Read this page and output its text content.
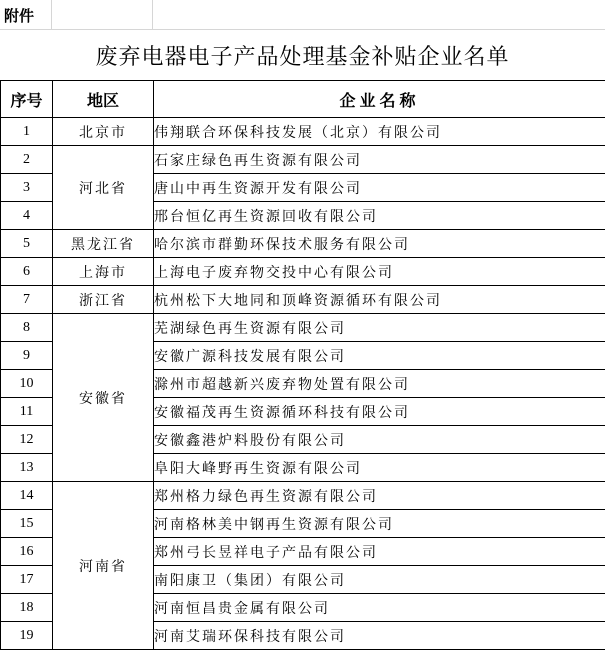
附件
废弃电器电子产品处理基金补贴企业名单
序号	地区	企业名称
1	北京市	伟翔联合环保科技发展（北京）有限公司
2	河北省	石家庄绿色再生资源有限公司
3		唐山中再生资源开发有限公司
4		邢台恒亿再生资源回收有限公司
5	黑龙江省	哈尔滨市群勤环保技术服务有限公司
6	上海市	上海电子废弃物交投中心有限公司
7	浙江省	杭州松下大地同和顶峰资源循环有限公司
8	安徽省	芜湖绿色再生资源有限公司
9		安徽广源科技发展有限公司
10		滁州市超越新兴废弃物处置有限公司
11		安徽福茂再生资源循环科技有限公司
12		安徽鑫港炉料股份有限公司
13		阜阳大峰野再生资源有限公司
14	河南省	郑州格力绿色再生资源有限公司
15		河南格林美中钢再生资源有限公司
16		郑州弓长昱祥电子产品有限公司
17		南阳康卫（集团）有限公司
18		河南恒昌贵金属有限公司
19		河南艾瑞环保科技有限公司
